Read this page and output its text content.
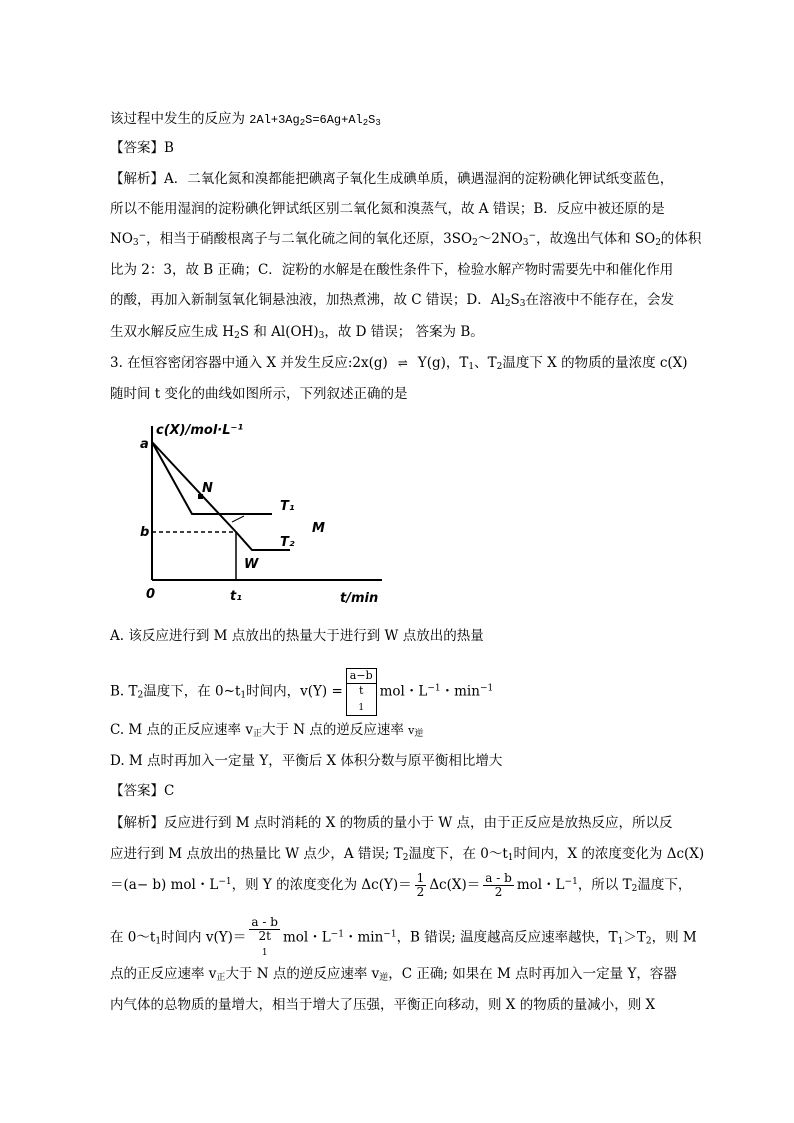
该过程中发生的反应为 $2Al+3Ag_2S=6Ag+Al_2S_3$
【答案】B
【解析】A．二氧化氮和溴都能把碘离子氧化生成碘单质，碘遇湿润的淀粉碘化钾试纸变蓝色，
所以不能用湿润的淀粉碘化钾试纸区别二氧化氮和溴蒸气，故 A 错误；B．反应中被还原的是
$NO_3^-$，相当于硝酸根离子与二氧化硫之间的氧化还原，$3SO_2\sim 2NO_3^-$，故逸出气体和 $SO_2$的体积
比为 2：3，故 B 正确；C．淀粉的水解是在酸性条件下，检验水解产物时需要先中和催化作用
的酸，再加入新制氢氧化铜悬浊液，加热煮沸，故 C 错误；D．$Al_2S_3$在溶液中不能存在，会发
生双水解反应生成 $H_2S$ 和 $Al(OH)_3$，故 D 错误； 答案为 B。
3. 在恒容密闭容器中通入 X 并发生反应:2x(g) ⇌ Y(g)，$T_1$、$T_2$温度下 X 的物质的量浓度 c(X)
随时间 t 变化的曲线如图所示，下列叙述正确的是
c(X)/mol·L⁻¹
t/min
0
a
b
t₁
N
T₁
M
T₂
W
A. 该反应进行到 M 点放出的热量大于进行到 W 点放出的热量
B. $T_2$温度下，在 $0\sim t_1$时间内，v(Y) = a−b
t
$_1$ mol・$L^{-1}$・$\min^{-1}$
C. M 点的正反应速率 $v_正$大于 N 点的逆反应速率 $v_逆$
D. M 点时再加入一定量 Y，平衡后 X 体积分数与原平衡相比增大
【答案】C
【解析】反应进行到 M 点时消耗的 X 的物质的量小于 W 点，由于正反应是放热反应，所以反
应进行到 M 点放出的热量比 W 点少，A 错误; $T_2$温度下，在 $0\sim t_1$时间内，X 的浓度变化为 Δc(X)
＝(a− b) mol・$L^{-1}$，则 Y 的浓度变化为 $\Delta c(Y)= \frac{1}{2} \Delta c(X)= \frac{a - b}{2}$ mol・$L^{-1}$，所以 $T_2$温度下，
在 $0\sim t_1$时间内 v(Y)＝ a - b
2t
$_1$ mol・$L^{-1}$・$\min^{-1}$，B 错误; 温度越高反应速率越快，$T_1>T_2$，则 M
点的正反应速率 $v_正$大于 N 点的逆反应速率 $v_逆$，C 正确; 如果在 M 点时再加入一定量 Y，容器
内气体的总物质的量增大，相当于增大了压强，平衡正向移动，则 X 的物质的量减小，则 X
